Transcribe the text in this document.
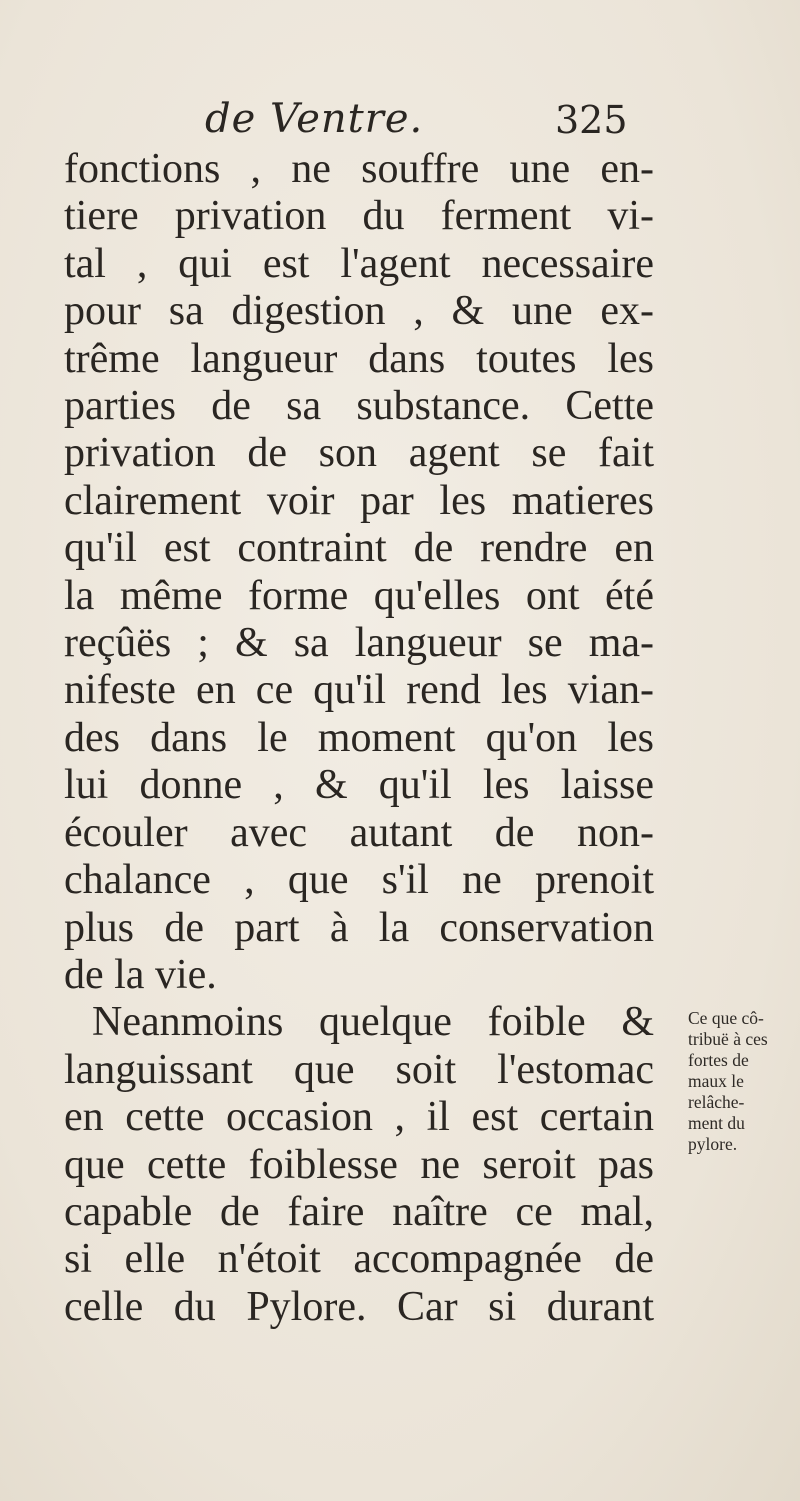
de Ventre.	325
fonctions , ne souffre une en-
tiere privation du ferment vi-
tal , qui est l'agent necessaire
pour sa digestion , & une ex-
trême langueur dans toutes les
parties de sa substance. Cette
privation de son agent se fait
clairement voir par les matieres
qu'il est contraint de rendre en
la même forme qu'elles ont été
reçûës ; & sa langueur se ma-
nifeste en ce qu'il rend les vian-
des dans le moment qu'on les
lui donne , & qu'il les laisse
écouler avec autant de non-
chalance , que s'il ne prenoit
plus de part à la conservation
de la vie.
Neanmoins quelque foible &
languissant que soit l'estomac
en cette occasion , il est certain
que cette foiblesse ne seroit pas
capable de faire naître ce mal,
si elle n'étoit accompagnée de
celle du Pylore. Car si durant
Ce que cô-
tribuë à ces
fortes de
maux le
relâche-
ment du
pylore.
